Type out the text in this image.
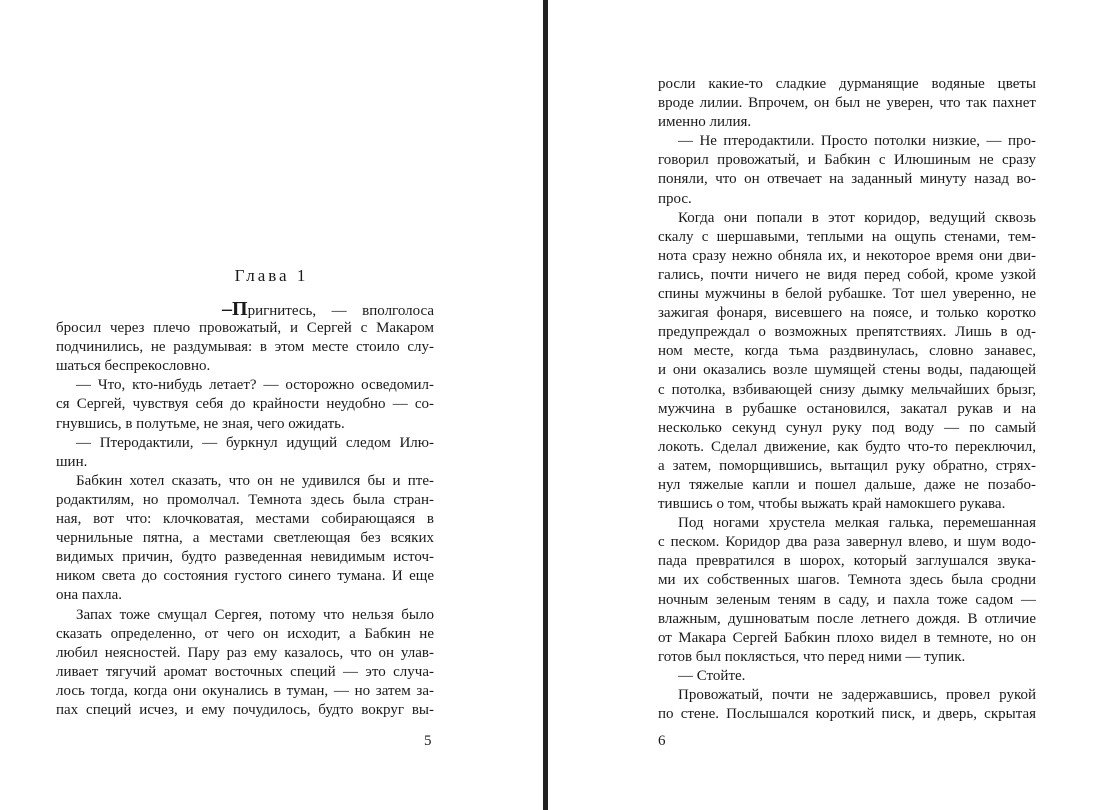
Глава 1
–Пригнитесь, — вполголоса
бросил через плечо провожатый, и Сергей с Макаром
подчинились, не раздумывая: в этом месте стоило слу-
шаться беспрекословно.
— Что, кто-нибудь летает? — осторожно осведомил-
ся Сергей, чувствуя себя до крайности неудобно — со-
гнувшись, в полутьме, не зная, чего ожидать.
— Птеродактили, — буркнул идущий следом Илю-
шин.
Бабкин хотел сказать, что он не удивился бы и пте-
родактилям, но промолчал. Темнота здесь была стран-
ная, вот что: клочковатая, местами собирающаяся в
чернильные пятна, а местами светлеющая без всяких
видимых причин, будто разведенная невидимым источ-
ником света до состояния густого синего тумана. И еще
она пахла.
Запах тоже смущал Сергея, потому что нельзя было
сказать определенно, от чего он исходит, а Бабкин не
любил неясностей. Пару раз ему казалось, что он улав-
ливает тягучий аромат восточных специй — это случа-
лось тогда, когда они окунались в туман, — но затем за-
пах специй исчез, и ему почудилось, будто вокруг вы-
5
росли какие-то сладкие дурманящие водяные цветы
вроде лилии. Впрочем, он был не уверен, что так пахнет
именно лилия.
— Не птеродактили. Просто потолки низкие, — про-
говорил провожатый, и Бабкин с Илюшиным не сразу
поняли, что он отвечает на заданный минуту назад во-
прос.
Когда они попали в этот коридор, ведущий сквозь
скалу с шершавыми, теплыми на ощупь стенами, тем-
нота сразу нежно обняла их, и некоторое время они дви-
гались, почти ничего не видя перед собой, кроме узкой
спины мужчины в белой рубашке. Тот шел уверенно, не
зажигая фонаря, висевшего на поясе, и только коротко
предупреждал о возможных препятствиях. Лишь в од-
ном месте, когда тьма раздвинулась, словно занавес,
и они оказались возле шумящей стены воды, падающей
с потолка, взбивающей снизу дымку мельчайших брызг,
мужчина в рубашке остановился, закатал рукав и на
несколько секунд сунул руку под воду — по самый
локоть. Сделал движение, как будто что-то переключил,
а затем, поморщившись, вытащил руку обратно, стрях-
нул тяжелые капли и пошел дальше, даже не позабо-
тившись о том, чтобы выжать край намокшего рукава.
Под ногами хрустела мелкая галька, перемешанная
с песком. Коридор два раза завернул влево, и шум водо-
пада превратился в шорох, который заглушался звука-
ми их собственных шагов. Темнота здесь была сродни
ночным зеленым теням в саду, и пахла тоже садом —
влажным, душноватым после летнего дождя. В отличие
от Макара Сергей Бабкин плохо видел в темноте, но он
готов был поклясться, что перед ними — тупик.
— Стойте.
Провожатый, почти не задержавшись, провел рукой
по стене. Послышался короткий писк, и дверь, скрытая
6
